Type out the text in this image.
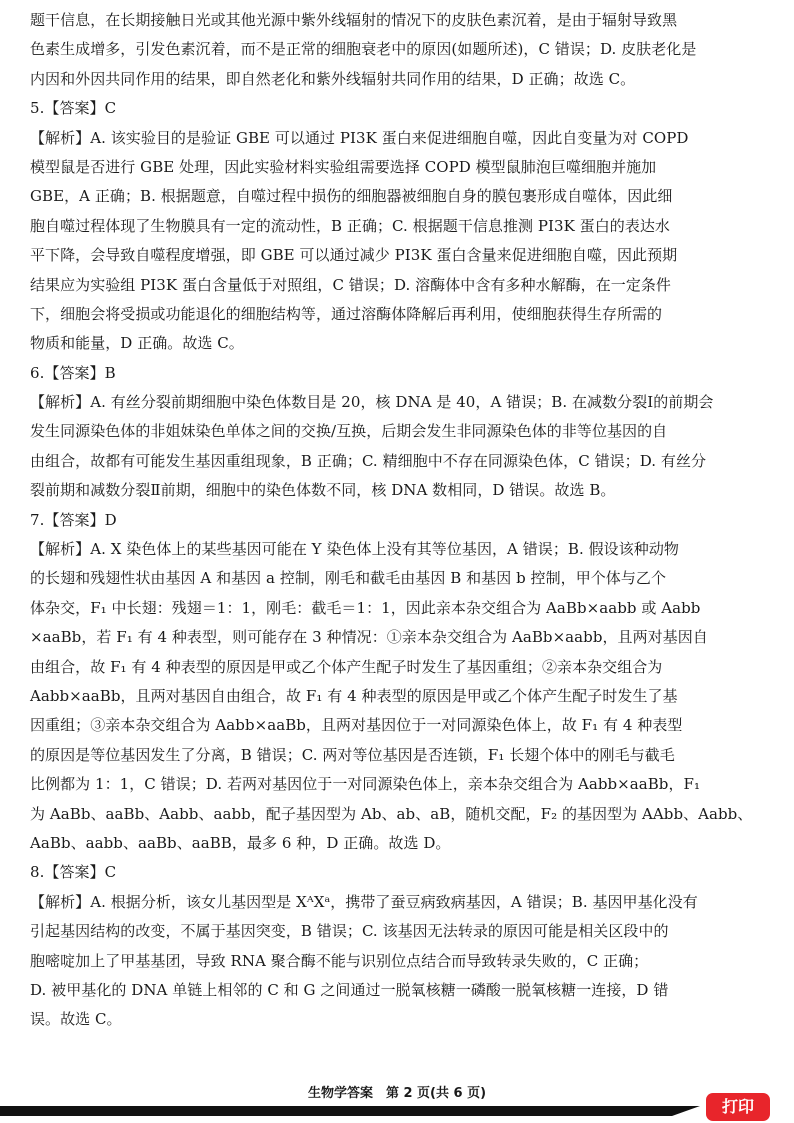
题干信息，在长期接触日光或其他光源中紫外线辐射的情况下的皮肤色素沉着，是由于辐射导致黑
色素生成增多，引发色素沉着，而不是正常的细胞衰老中的原因(如题所述)，C 错误；D. 皮肤老化是
内因和外因共同作用的结果，即自然老化和紫外线辐射共同作用的结果，D 正确；故选 C。
5.【答案】C
【解析】A. 该实验目的是验证 GBE 可以通过 PI3K 蛋白来促进细胞自噬，因此自变量为对 COPD
模型鼠是否进行 GBE 处理，因此实验材料实验组需要选择 COPD 模型鼠肺泡巨噬细胞并施加
GBE，A 正确；B. 根据题意，自噬过程中损伤的细胞器被细胞自身的膜包裹形成自噬体，因此细
胞自噬过程体现了生物膜具有一定的流动性，B 正确；C. 根据题干信息推测 PI3K 蛋白的表达水
平下降，会导致自噬程度增强，即 GBE 可以通过减少 PI3K 蛋白含量来促进细胞自噬，因此预期
结果应为实验组 PI3K 蛋白含量低于对照组，C 错误；D. 溶酶体中含有多种水解酶，在一定条件
下，细胞会将受损或功能退化的细胞结构等，通过溶酶体降解后再利用，使细胞获得生存所需的
物质和能量，D 正确。故选 C。
6.【答案】B
【解析】A. 有丝分裂前期细胞中染色体数目是 20，核 DNA 是 40，A 错误；B. 在减数分裂Ⅰ的前期会
发生同源染色体的非姐妹染色单体之间的交换/互换，后期会发生非同源染色体的非等位基因的自
由组合，故都有可能发生基因重组现象，B 正确；C. 精细胞中不存在同源染色体，C 错误；D. 有丝分
裂前期和减数分裂Ⅱ前期，细胞中的染色体数不同，核 DNA 数相同，D 错误。故选 B。
7.【答案】D
【解析】A. X 染色体上的某些基因可能在 Y 染色体上没有其等位基因，A 错误；B. 假设该种动物
的长翅和残翅性状由基因 A 和基因 a 控制，刚毛和截毛由基因 B 和基因 b 控制，甲个体与乙个
体杂交，F₁ 中长翅：残翅＝1：1，刚毛：截毛＝1：1，因此亲本杂交组合为 AaBb×aabb 或 Aabb
×aaBb，若 F₁ 有 4 种表型，则可能存在 3 种情况：①亲本杂交组合为 AaBb×aabb，且两对基因自
由组合，故 F₁ 有 4 种表型的原因是甲或乙个体产生配子时发生了基因重组；②亲本杂交组合为
Aabb×aaBb，且两对基因自由组合，故 F₁ 有 4 种表型的原因是甲或乙个体产生配子时发生了基
因重组；③亲本杂交组合为 Aabb×aaBb，且两对基因位于一对同源染色体上，故 F₁ 有 4 种表型
的原因是等位基因发生了分离，B 错误；C. 两对等位基因是否连锁，F₁ 长翅个体中的刚毛与截毛
比例都为 1：1，C 错误；D. 若两对基因位于一对同源染色体上，亲本杂交组合为 Aabb×aaBb，F₁
为 AaBb、aaBb、Aabb、aabb，配子基因型为 Ab、ab、aB，随机交配，F₂ 的基因型为 AAbb、Aabb、
AaBb、aabb、aaBb、aaBB，最多 6 种，D 正确。故选 D。
8.【答案】C
【解析】A. 根据分析，该女儿基因型是 XᴬXᵃ，携带了蚕豆病致病基因，A 错误；B. 基因甲基化没有
引起基因结构的改变，不属于基因突变，B 错误；C. 该基因无法转录的原因可能是相关区段中的
胞嘧啶加上了甲基基团，导致 RNA 聚合酶不能与识别位点结合而导致转录失败的，C 正确；
D. 被甲基化的 DNA 单链上相邻的 C 和 G 之间通过一脱氧核糖一磷酸一脱氧核糖一连接，D 错
误。故选 C。
生物学答案　第 2 页(共 6 页)
打印
